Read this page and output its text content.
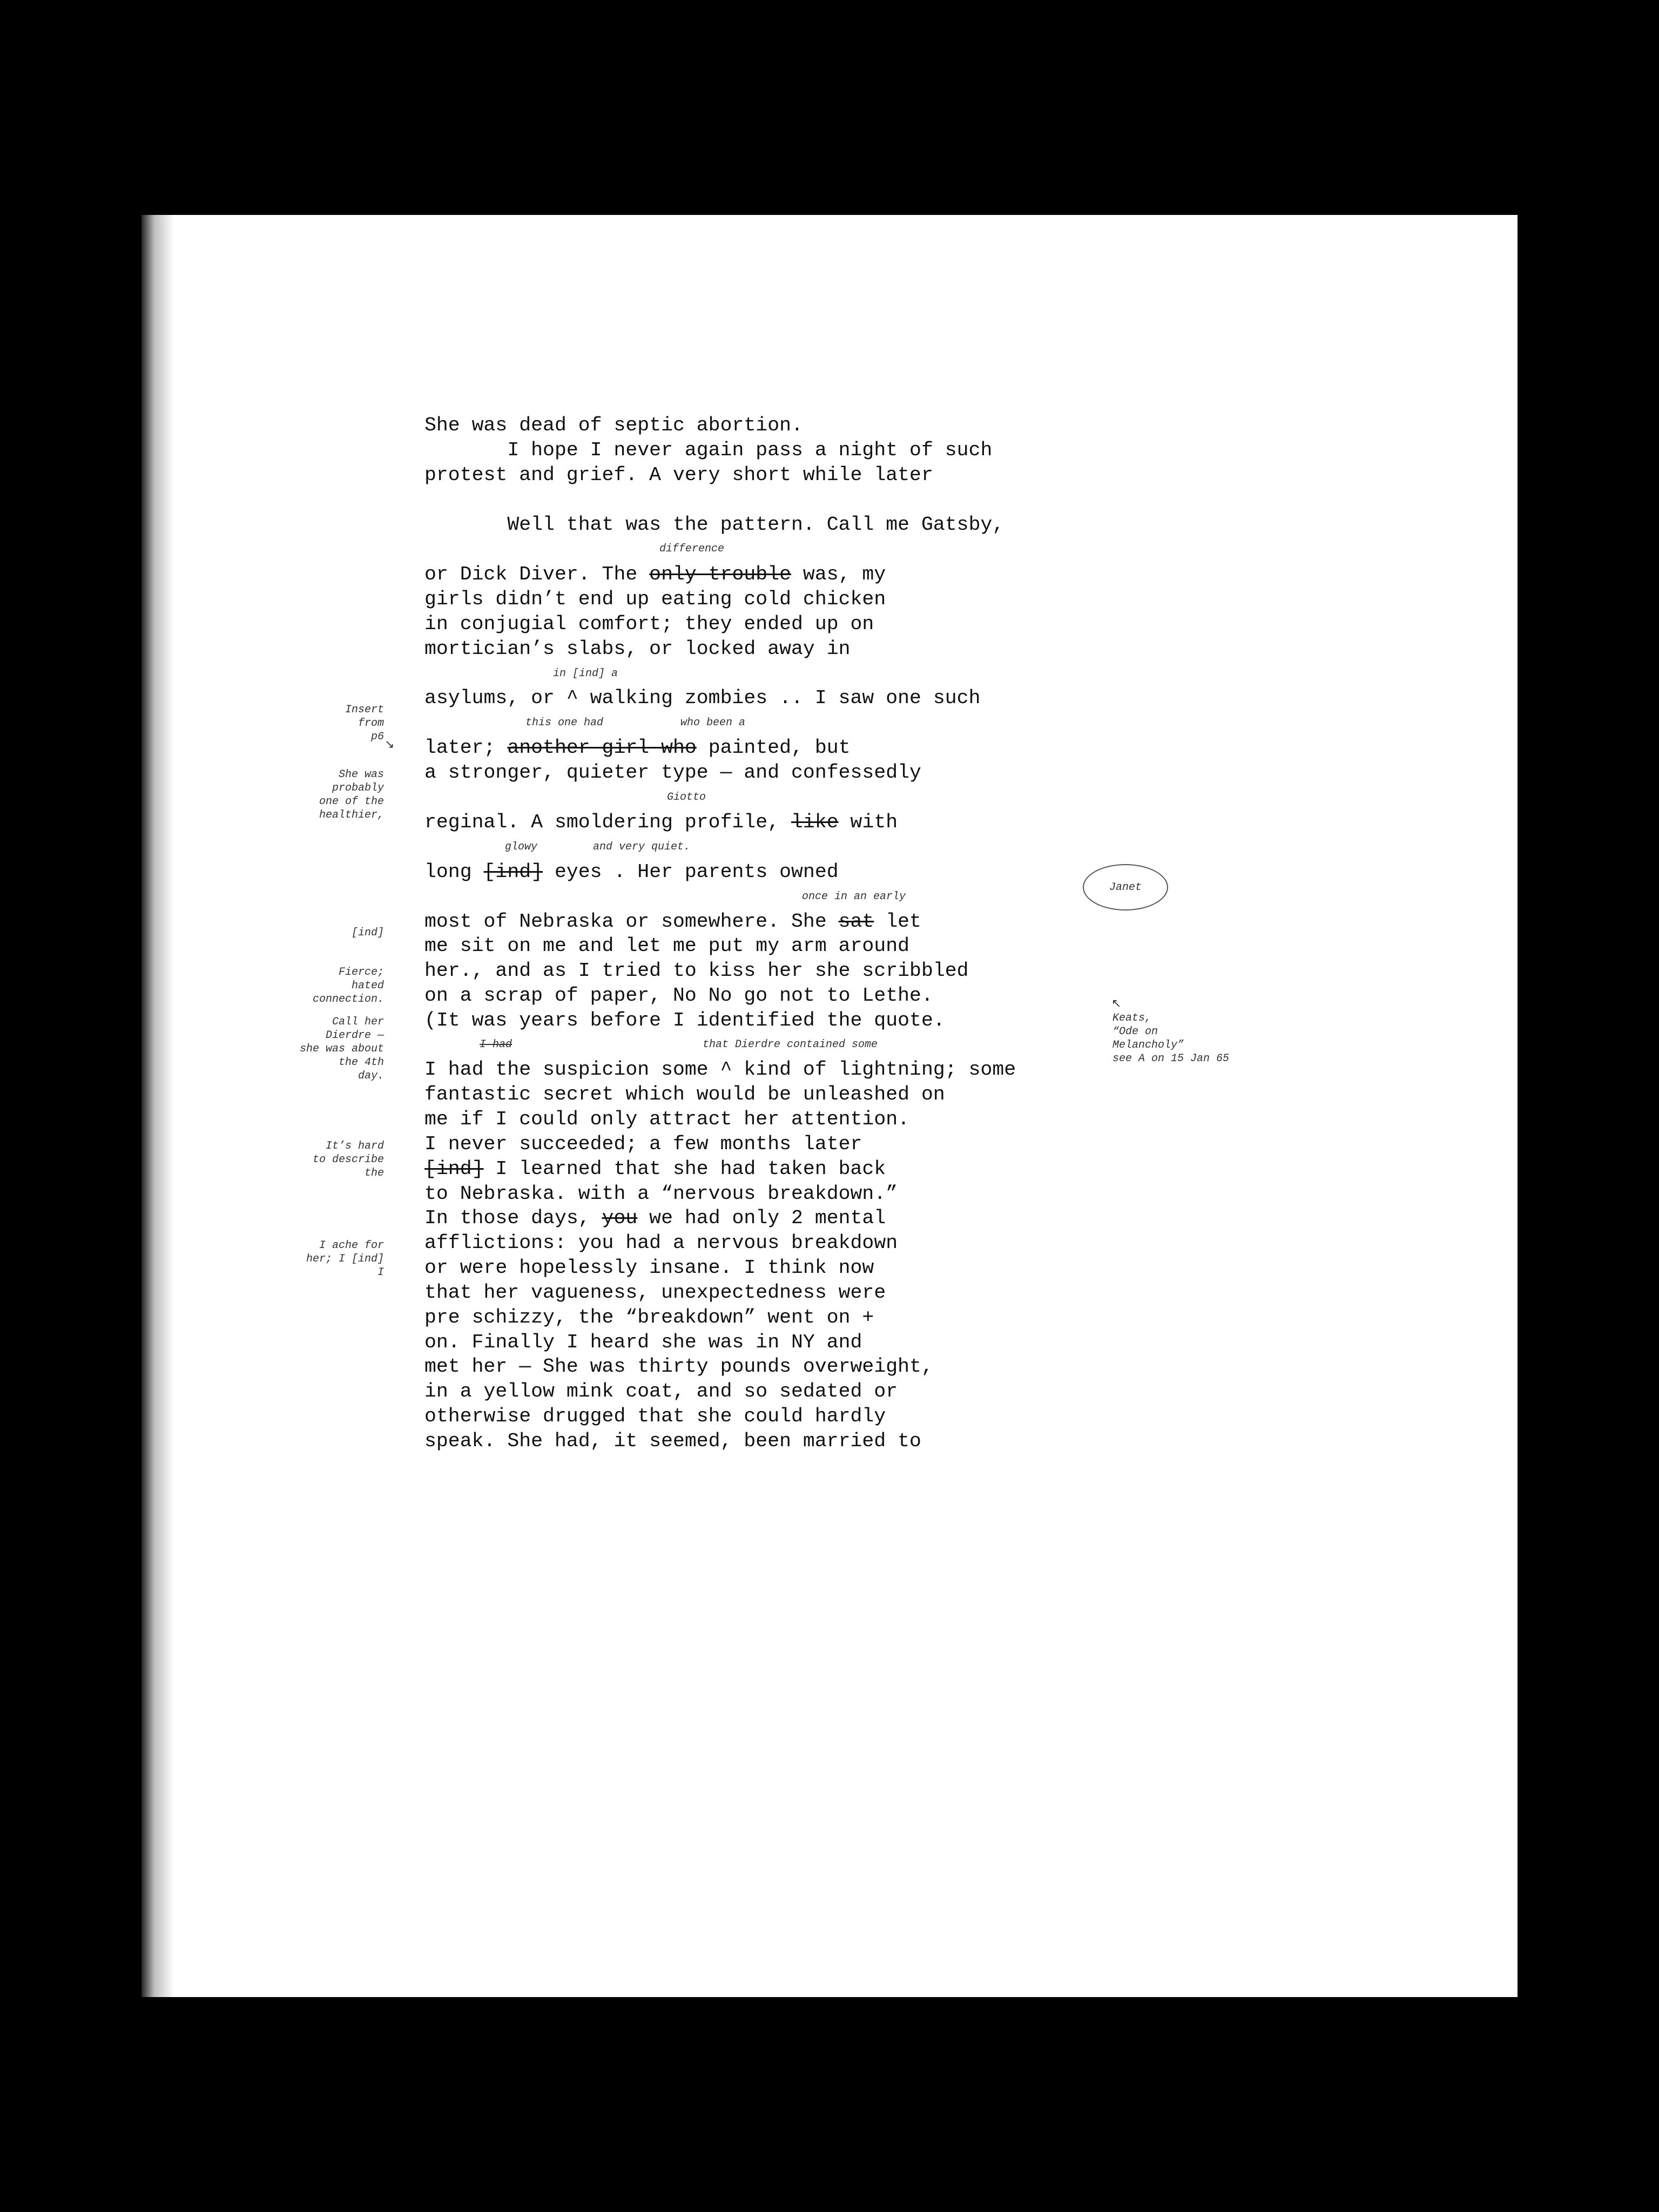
She was dead of septic abortion.
I hope I never again pass a night of such
protest and grief. A very short while later
Well that was the pattern. Call me Gatsby,
or Dick Diver. The only trouble was, my
girls didn’t end up eating cold chicken
in conjugial comfort; they ended up on
mortician’s slabs, or locked away in
asylums, or ^ walking zombies .. I saw one such
later; another girl who painted, but
a stronger, quieter type — and confessedly
reginal. A smoldering profile, like with
long [ind] eyes . Her parents owned
most of Nebraska or somewhere. She sat let
me sit on me and let me put my arm around
her., and as I tried to kiss her she scribbled
on a scrap of paper, No No go not to Lethe.
(It was years before I identified the quote.
I had the suspicion some ^ kind of lightning; some
fantastic secret which would be unleashed on
me if I could only attract her attention.
I never succeeded; a few months later
[ind] I learned that she had taken back
to Nebraska. with a “nervous breakdown.”
In those days, you we had only 2 mental
afflictions: you had a nervous breakdown
or were hopelessly insane. I think now
that her vagueness, unexpectedness were
pre schizzy, the “breakdown” went on +
on. Finally I heard she was in NY and
met her — She was thirty pounds overweight,
in a yellow mink coat, and so sedated or
otherwise drugged that she could hardly
speak. She had, it seemed, been married to
difference
in [ind] a
this one had	who been a
Giotto
glowy	and very quiet.
once in an early
I had	that Dierdre contained some
Insert
from
p6
↘
She was
probably
one of the
healthier,
[ind]
Fierce;
hated
connection.
Call her
Dierdre —
she was about
the 4th
day.
It’s hard
to describe
the
I ache for
her; I [ind]
I
Janet
↖
Keats,
“Ode on
Melancholy”
see A on 15 Jan 65
